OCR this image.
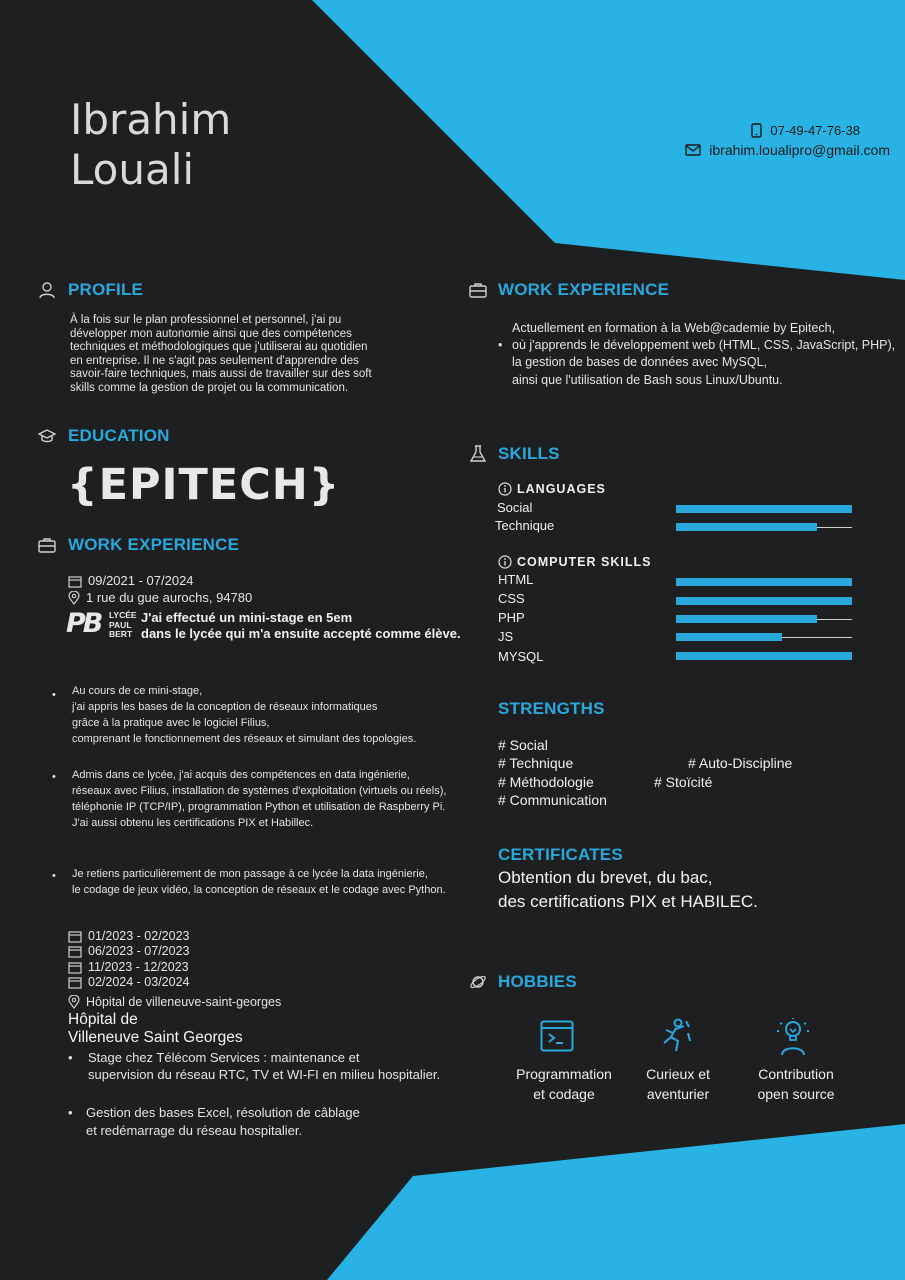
Ibrahim
Louali
07-49-47-76-38
ibrahim.loualipro@gmail.com
PROFILE
À la fois sur le plan professionnel et personnel, j'ai pu
développer mon autonomie ainsi que des compétences
techniques et méthodologiques que j'utiliserai au quotidien
en entreprise. Il ne s'agit pas seulement d'apprendre des
savoir-faire techniques, mais aussi de travailler sur des soft
skills comme la gestion de projet ou la communication.
EDUCATION
{EPITECH}
WORK EXPERIENCE
09/2021 - 07/2024
1 rue du gue aurochs, 94780
PB LYCÉE
PAUL
BERT
J'ai effectué un mini-stage en 5em
dans le lycée qui m'a ensuite accepté comme élève.
• Au cours de ce mini-stage,
j'ai appris les bases de la conception de réseaux informatiques
grâce à la pratique avec le logiciel Filius,
comprenant le fonctionnement des réseaux et simulant des topologies.
• Admis dans ce lycée, j'ai acquis des compétences en data ingénierie,
réseaux avec Filius, installation de systèmes d'exploitation (virtuels ou réels),
téléphonie IP (TCP/IP), programmation Python et utilisation de Raspberry Pi.
J'ai aussi obtenu les certifications PIX et Habillec.
• Je retiens particulièrement de mon passage à ce lycée la data ingénierie,
le codage de jeux vidéo, la conception de réseaux et le codage avec Python.
01/2023 - 02/2023
06/2023 - 07/2023
11/2023 - 12/2023
02/2024 - 03/2024
Hôpital de villeneuve-saint-georges
Hôpital de
Villeneuve Saint Georges
• Stage chez Télécom Services : maintenance et
supervision du réseau RTC, TV et WI-FI en milieu hospitalier.
• Gestion des bases Excel, résolution de câblage
et redémarrage du réseau hospitalier.
WORK EXPERIENCE
•
Actuellement en formation à la Web@cademie by Epitech,
où j'apprends le développement web (HTML, CSS, JavaScript, PHP),
la gestion de bases de données avec MySQL,
ainsi que l'utilisation de Bash sous Linux/Ubuntu.
SKILLS
LANGUAGES
Social
Technique
COMPUTER SKILLS
HTML
CSS
PHP
JS
MYSQL
STRENGTHS
# Social
# Technique
# Méthodologie
# Communication
# Auto-Discipline
# Stoïcité
CERTIFICATES
Obtention du brevet, du bac,
des certifications PIX et HABILEC.
HOBBIES
Programmation
et codage
Curieux et
aventurier
Contribution
open source
